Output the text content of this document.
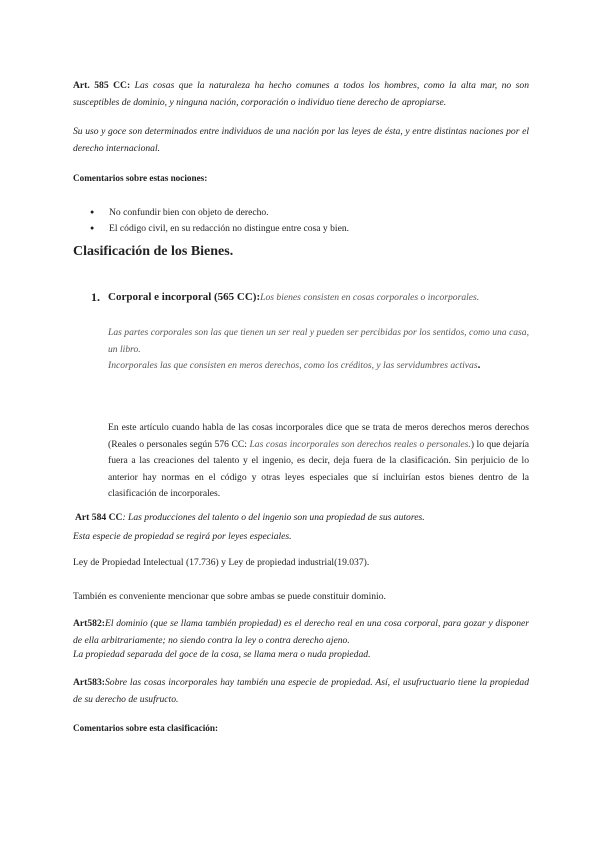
Art. 585 CC: Las cosas que la naturaleza ha hecho comunes a todos los hombres, como la alta mar, no son susceptibles de dominio, y ninguna nación, corporación o individuo tiene derecho de apropiarse.
Su uso y goce son determinados entre individuos de una nación por las leyes de ésta, y entre distintas naciones por el derecho internacional.
Comentarios sobre estas nociones:
● No confundir bien con objeto de derecho.
● El código civil, en su redacción no distingue entre cosa y bien.
Clasificación de los Bienes.
1. Corporal e incorporal (565 CC):Los bienes consisten en cosas corporales o incorporales.
Las partes corporales son las que tienen un ser real y pueden ser percibidas por los sentidos, como una casa, un libro.
Incorporales las que consisten en meros derechos, como los créditos, y las servidumbres activas.
En este artículo cuando habla de las cosas incorporales dice que se trata de meros derechos meros derechos (Reales o personales según 576 CC: Las cosas incorporales son derechos reales o personales.) lo que dejaría fuera a las creaciones del talento y el ingenio, es decir, deja fuera de la clasificación. Sin perjuicio de lo anterior hay normas en el código y otras leyes especiales que sí incluirían estos bienes dentro de la clasificación de incorporales.
Art 584 CC: Las producciones del talento o del ingenio son una propiedad de sus autores.
Esta especie de propiedad se regirá por leyes especiales.
Ley de Propiedad Intelectual (17.736) y Ley de propiedad industrial(19.037).
También es conveniente mencionar que sobre ambas se puede constituir dominio.
Art582:El dominio (que se llama también propiedad) es el derecho real en una cosa corporal, para gozar y disponer de ella arbitrariamente; no siendo contra la ley o contra derecho ajeno.
La propiedad separada del goce de la cosa, se llama mera o nuda propiedad.
Art583:Sobre las cosas incorporales hay también una especie de propiedad. Así, el usufructuario tiene la propiedad de su derecho de usufructo.
Comentarios sobre esta clasificación:
